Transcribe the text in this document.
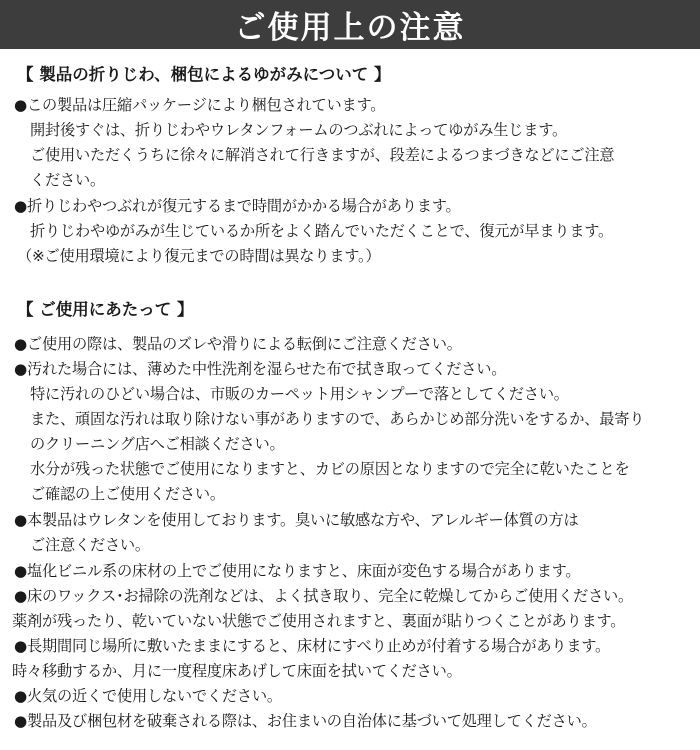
ご使用上の注意
【 製品の折りじわ、梱包によるゆがみについて 】
●この製品は圧縮パッケージにより梱包されています。
開封後すぐは、折りじわやウレタンフォームのつぶれによってゆがみ生じます。
ご使用いただくうちに徐々に解消されて行きますが、段差によるつまづきなどにご注意
ください。
●折りじわやつぶれが復元するまで時間がかかる場合があります。
折りじわやゆがみが生じているか所をよく踏んでいただくことで、復元が早まります。
（※ご使用環境により復元までの時間は異なります。）
【 ご使用にあたって 】
●ご使用の際は、製品のズレや滑りによる転倒にご注意ください。
●汚れた場合には、薄めた中性洗剤を湿らせた布で拭き取ってください。
特に汚れのひどい場合は、市販のカーペット用シャンプーで落としてください。
また、頑固な汚れは取り除けない事がありますので、あらかじめ部分洗いをするか、最寄り
のクリーニング店へご相談ください。
水分が残った状態でご使用になりますと、カビの原因となりますので完全に乾いたことを
ご確認の上ご使用ください。
●本製品はウレタンを使用しております。臭いに敏感な方や、アレルギー体質の方は
ご注意ください。
●塩化ビニル系の床材の上でご使用になりますと、床面が変色する場合があります。
●床のワックス･お掃除の洗剤などは、よく拭き取り、完全に乾燥してからご使用ください。
薬剤が残ったり、乾いていない状態でご使用されますと、裏面が貼りつくことがあります。
●長期間同じ場所に敷いたままにすると、床材にすべり止めが付着する場合があります。
時々移動するか、月に一度程度床あげして床面を拭いてください。
●火気の近くで使用しないでください。
●製品及び梱包材を破棄される際は、お住まいの自治体に基づいて処理してください。
